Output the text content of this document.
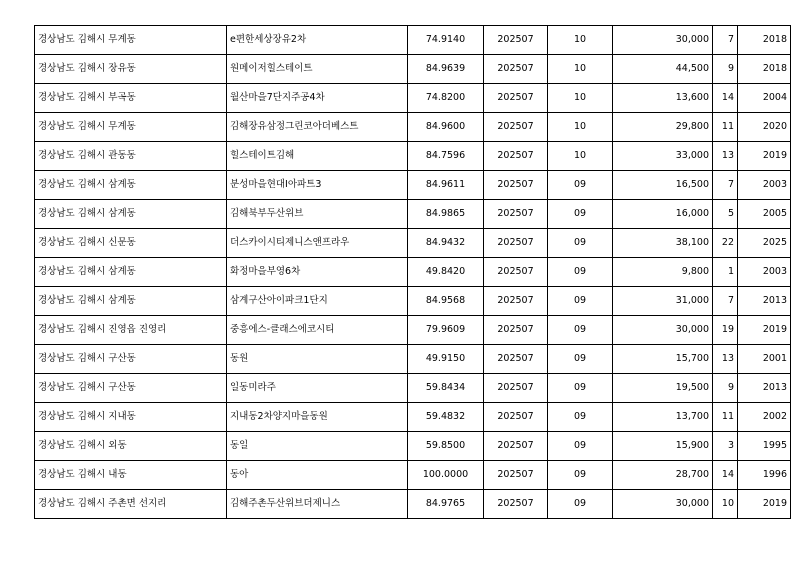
경상남도 김해시 무계동	e편한세상장유2차	74.9140	202507	10	30,000	7	2018
경상남도 김해시 장유동	원메이저힐스테이트	84.9639	202507	10	44,500	9	2018
경상남도 김해시 부곡동	월산마을7단지주공4차	74.8200	202507	10	13,600	14	2004
경상남도 김해시 무계동	김해장유삼정그린코아더베스트	84.9600	202507	10	29,800	11	2020
경상남도 김해시 관동동	힐스테이트김해	84.7596	202507	10	33,000	13	2019
경상남도 김해시 삼계동	분성마을현대I아파트3	84.9611	202507	09	16,500	7	2003
경상남도 김해시 삼계동	김해북부두산위브	84.9865	202507	09	16,000	5	2005
경상남도 김해시 신문동	더스카이시티제니스앤프라우	84.9432	202507	09	38,100	22	2025
경상남도 김해시 삼계동	화정마을부영6차	49.8420	202507	09	9,800	1	2003
경상남도 김해시 삼계동	삼계구산아이파크1단지	84.9568	202507	09	31,000	7	2013
경상남도 김해시 진영읍 진영리	중흥에스-클래스에코시티	79.9609	202507	09	30,000	19	2019
경상남도 김해시 구산동	동원	49.9150	202507	09	15,700	13	2001
경상남도 김해시 구산동	일동미라주	59.8434	202507	09	19,500	9	2013
경상남도 김해시 지내동	지내동2차양지마을동원	59.4832	202507	09	13,700	11	2002
경상남도 김해시 외동	동일	59.8500	202507	09	15,900	3	1995
경상남도 김해시 내동	동아	100.0000	202507	09	28,700	14	1996
경상남도 김해시 주촌면 선지리	김해주촌두산위브더제니스	84.9765	202507	09	30,000	10	2019
